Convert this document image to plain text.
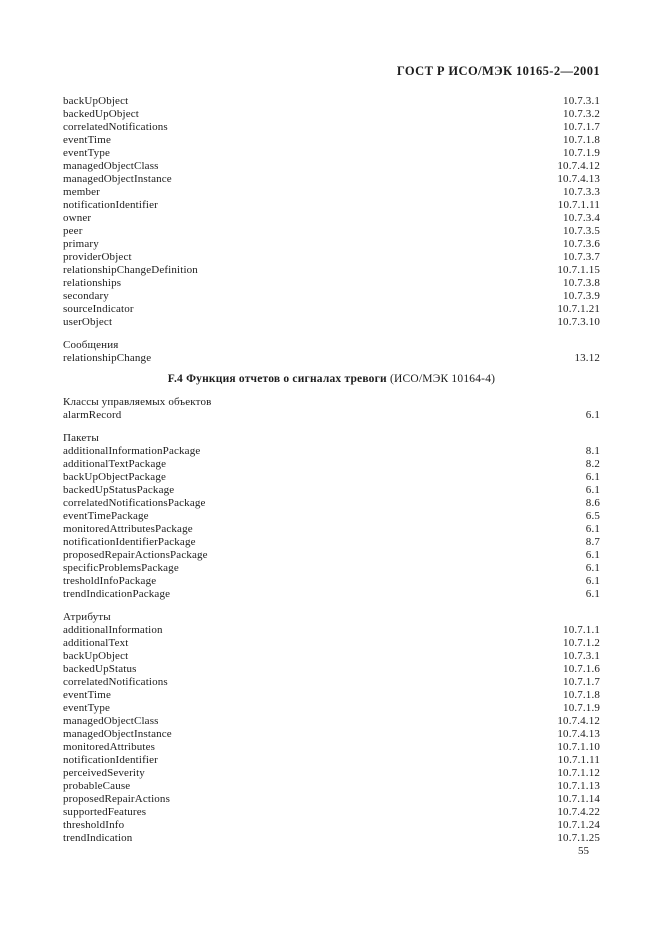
ГОСТ Р ИСО/МЭК 10165-2—2001
backUpObject	10.7.3.1
backedUpObject	10.7.3.2
correlatedNotifications	10.7.1.7
eventTime	10.7.1.8
eventType	10.7.1.9
managedObjectClass	10.7.4.12
managedObjectInstance	10.7.4.13
member	10.7.3.3
notificationIdentifier	10.7.1.11
owner	10.7.3.4
peer	10.7.3.5
primary	10.7.3.6
providerObject	10.7.3.7
relationshipChangeDefinition	10.7.1.15
relationships	10.7.3.8
secondary	10.7.3.9
sourceIndicator	10.7.1.21
userObject	10.7.3.10
Сообщения
relationshipChange	13.12
F.4 Функция отчетов о сигналах тревоги (ИСО/МЭК 10164-4)
Классы управляемых объектов
alarmRecord	6.1
Пакеты
additionalInformationPackage	8.1
additionalTextPackage	8.2
backUpObjectPackage	6.1
backedUpStatusPackage	6.1
correlatedNotificationsPackage	8.6
eventTimePackage	6.5
monitoredAttributesPackage	6.1
notificationIdentifierPackage	8.7
proposedRepairActionsPackage	6.1
specificProblemsPackage	6.1
tresholdInfoPackage	6.1
trendIndicationPackage	6.1
Атрибуты
additionalInformation	10.7.1.1
additionalText	10.7.1.2
backUpObject	10.7.3.1
backedUpStatus	10.7.1.6
correlatedNotifications	10.7.1.7
eventTime	10.7.1.8
eventType	10.7.1.9
managedObjectClass	10.7.4.12
managedObjectInstance	10.7.4.13
monitoredAttributes	10.7.1.10
notificationIdentifier	10.7.1.11
perceivedSeverity	10.7.1.12
probableCause	10.7.1.13
proposedRepairActions	10.7.1.14
supportedFeatures	10.7.4.22
thresholdInfo	10.7.1.24
trendIndication	10.7.1.25
55
